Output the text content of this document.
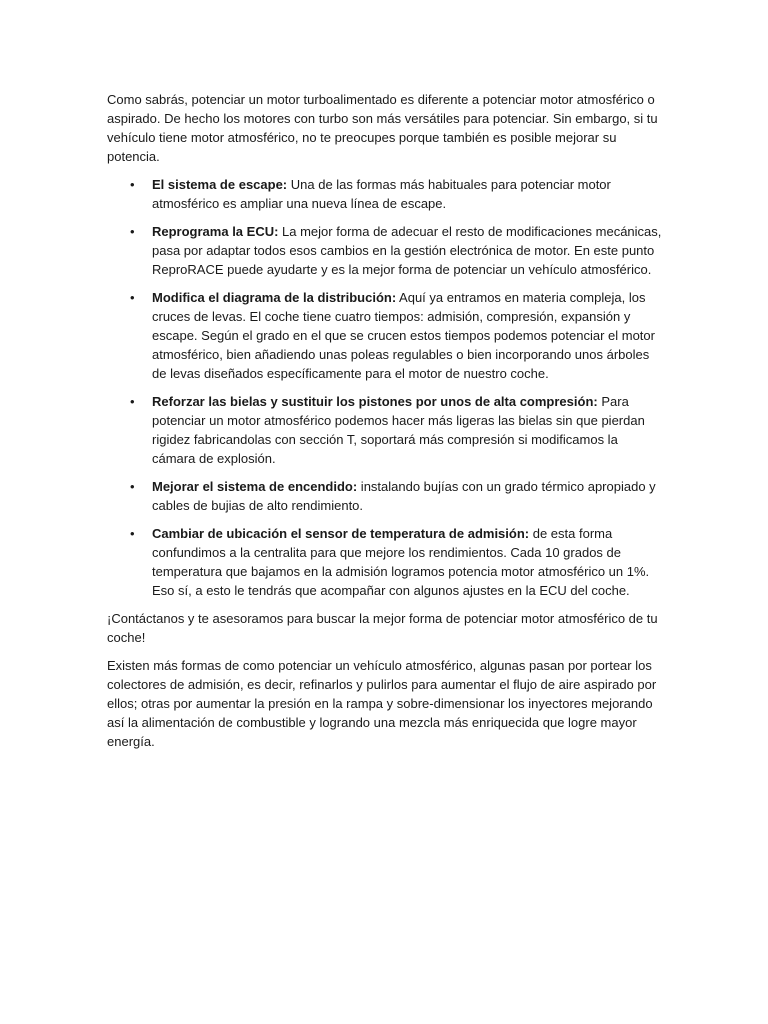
Como sabrás, potenciar un motor turboalimentado es diferente a potenciar motor atmosférico o aspirado. De hecho los motores con turbo son más versátiles para potenciar. Sin embargo, si tu vehículo tiene motor atmosférico, no te preocupes porque también es posible mejorar su potencia.

• El sistema de escape: Una de las formas más habituales para potenciar motor atmosférico es ampliar una nueva línea de escape.
• Reprograma la ECU: La mejor forma de adecuar el resto de modificaciones mecánicas, pasa por adaptar todos esos cambios en la gestión electrónica de motor. En este punto ReproRACE puede ayudarte y es la mejor forma de potenciar un vehículo atmosférico.
• Modifica el diagrama de la distribución: Aquí ya entramos en materia compleja, los cruces de levas. El coche tiene cuatro tiempos: admisión, compresión, expansión y escape. Según el grado en el que se crucen estos tiempos podemos potenciar el motor atmosférico, bien añadiendo unas poleas regulables o bien incorporando unos árboles de levas diseñados específicamente para el motor de nuestro coche.
• Reforzar las bielas y sustituir los pistones por unos de alta compresión: Para potenciar un motor atmosférico podemos hacer más ligeras las bielas sin que pierdan rigidez fabricandolas con sección T, soportará más compresión si modificamos la cámara de explosión.
• Mejorar el sistema de encendido: instalando bujías con un grado térmico apropiado y cables de bujias de alto rendimiento.
• Cambiar de ubicación el sensor de temperatura de admisión: de esta forma confundimos a la centralita para que mejore los rendimientos. Cada 10 grados de temperatura que bajamos en la admisión logramos potencia motor atmosférico un 1%. Eso sí, a esto le tendrás que acompañar con algunos ajustes en la ECU del coche.

¡Contáctanos y te asesoramos para buscar la mejor forma de potenciar motor atmosférico de tu coche!

Existen más formas de como potenciar un vehículo atmosférico, algunas pasan por portear los colectores de admisión, es decir, refinarlos y pulirlos para aumentar el flujo de aire aspirado por ellos; otras por aumentar la presión en la rampa y sobre-dimensionar los inyectores mejorando así la alimentación de combustible y logrando una mezcla más enriquecida que logre mayor energía.
